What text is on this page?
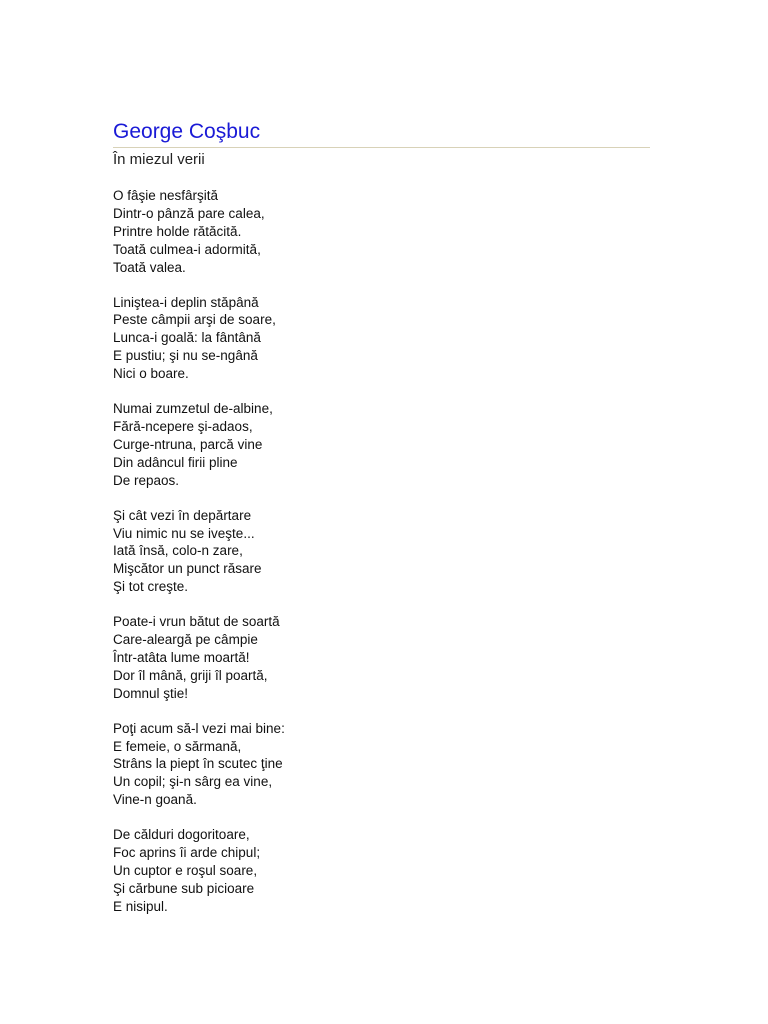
George Coşbuc
În miezul verii
O fâşie nesfârşită
Dintr-o pânză pare calea,
Printre holde rătăcită.
Toată culmea-i adormită,
Toată valea.
Liniştea-i deplin stăpână
Peste câmpii arşi de soare,
Lunca-i goală: la fântână
E pustiu; şi nu se-ngână
Nici o boare.
Numai zumzetul de-albine,
Fără-ncepere şi-adaos,
Curge-ntruna, parcă vine
Din adâncul firii pline
De repaos.
Şi cât vezi în depărtare
Viu nimic nu se iveşte...
Iată însă, colo-n zare,
Mişcător un punct răsare
Şi tot creşte.
Poate-i vrun bătut de soartă
Care-aleargă pe câmpie
Într-atâta lume moartă!
Dor îl mână, griji îl poartă,
Domnul ştie!
Poţi acum să-l vezi mai bine:
E femeie, o sărmană,
Strâns la piept în scutec ţine
Un copil; şi-n sârg ea vine,
Vine-n goană.
De călduri dogoritoare,
Foc aprins îi arde chipul;
Un cuptor e roşul soare,
Şi cărbune sub picioare
E nisipul.
